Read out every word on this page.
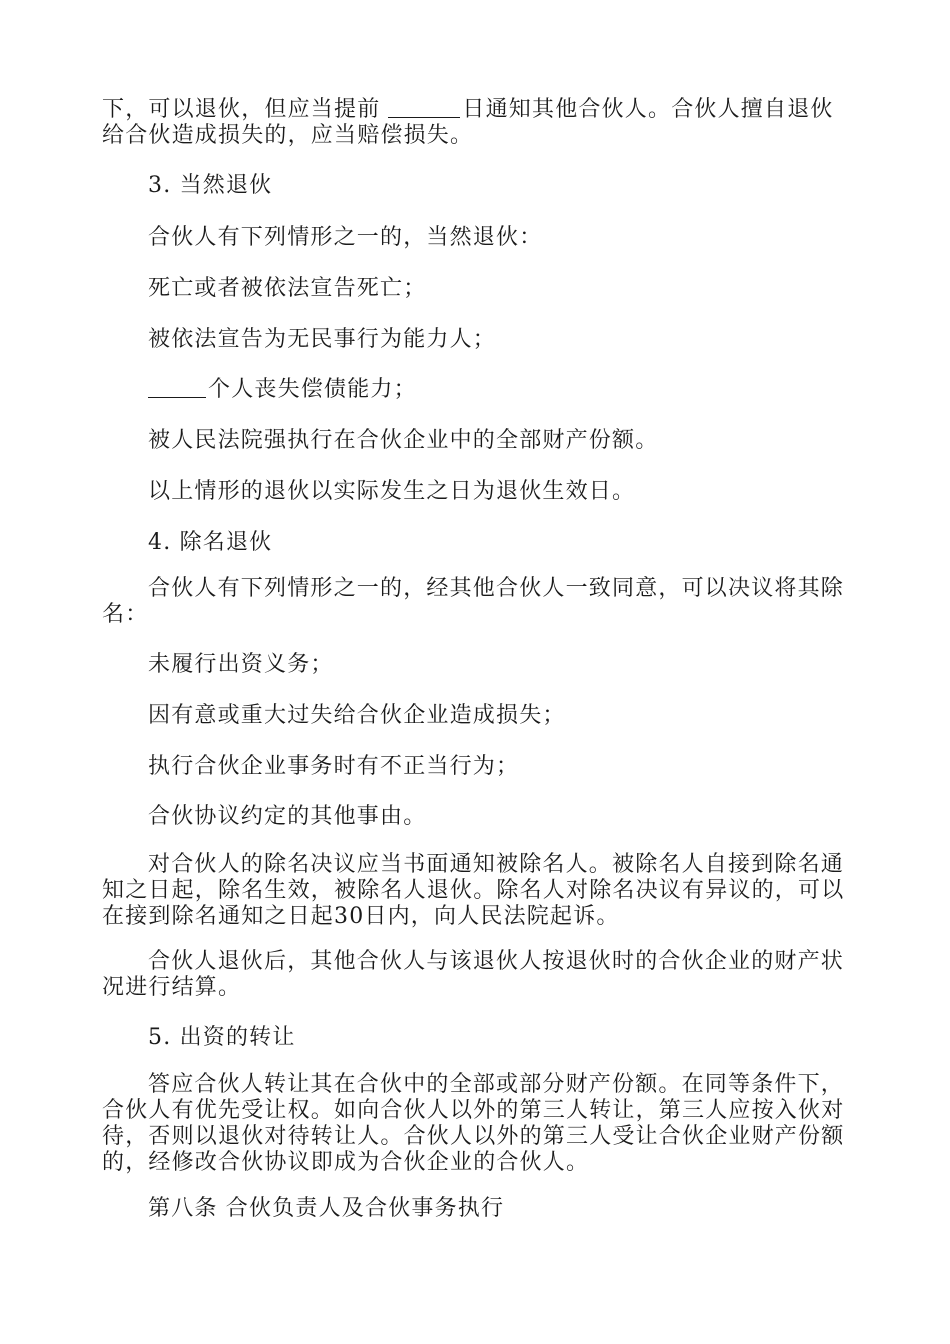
下，可以退伙，但应当提前	日通知其他合伙人。合伙人擅自退伙给合伙造成损失的，应当赔偿损失。

3. 当然退伙

合伙人有下列情形之一的，当然退伙：

死亡或者被依法宣告死亡；

被依法宣告为无民事行为能力人；

个人丧失偿债能力；

被人民法院强执行在合伙企业中的全部财产份额。

以上情形的退伙以实际发生之日为退伙生效日。

4. 除名退伙

合伙人有下列情形之一的，经其他合伙人一致同意，可以决议将其除名：

未履行出资义务；

因有意或重大过失给合伙企业造成损失；

执行合伙企业事务时有不正当行为；

合伙协议约定的其他事由。

对合伙人的除名决议应当书面通知被除名人。被除名人自接到除名通知之日起，除名生效，被除名人退伙。除名人对除名决议有异议的，可以在接到除名通知之日起30日内，向人民法院起诉。

合伙人退伙后，其他合伙人与该退伙人按退伙时的合伙企业的财产状况进行结算。

5. 出资的转让

答应合伙人转让其在合伙中的全部或部分财产份额。在同等条件下，合伙人有优先受让权。如向合伙人以外的第三人转让，第三人应按入伙对待，否则以退伙对待转让人。合伙人以外的第三人受让合伙企业财产份额的，经修改合伙协议即成为合伙企业的合伙人。

第八条 合伙负责人及合伙事务执行
